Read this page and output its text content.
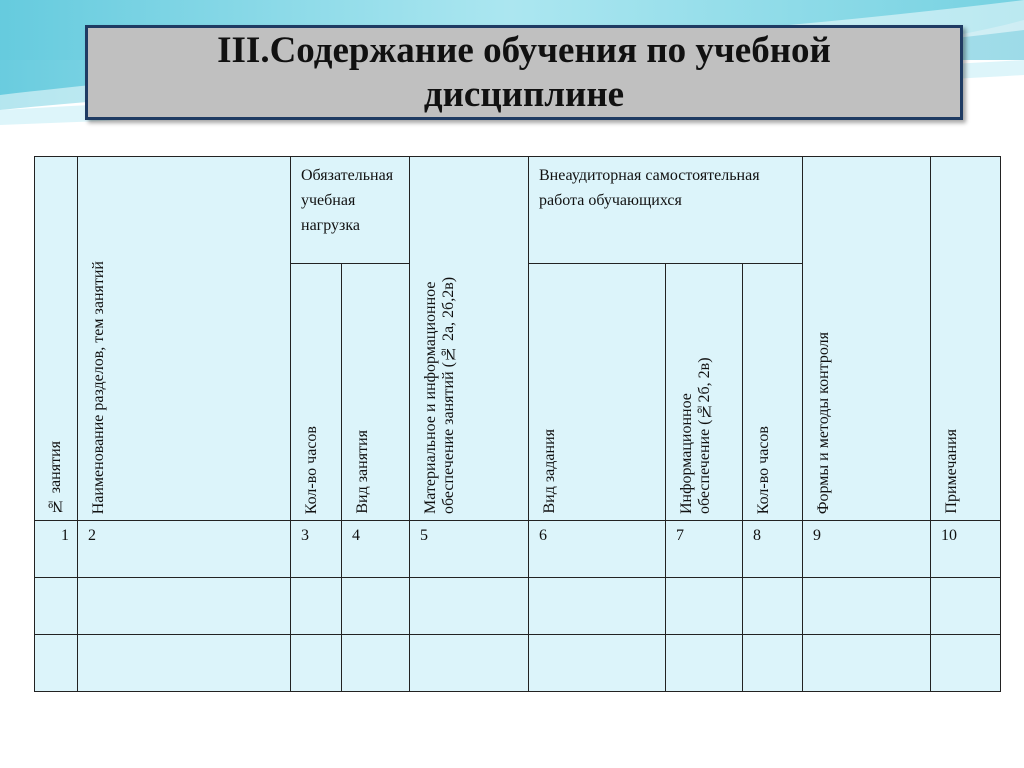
III.Содержание обучения по учебной дисциплине
№ занятия	Наименование разделов, тем занятий	Обязательная учебная нагрузка		Материальное и информационное обеспечение занятий (№ 2а, 2б,2в)	Внеаудиторная самостоятельная работа обучающихся			Формы и методы контроля	Примечания

		Кол-во часов	Вид занятия		Вид задания	Информационное обеспечение (№2б, 2в)	Кол-во часов		

1	2	3	4	5	6	7	8	9	10
